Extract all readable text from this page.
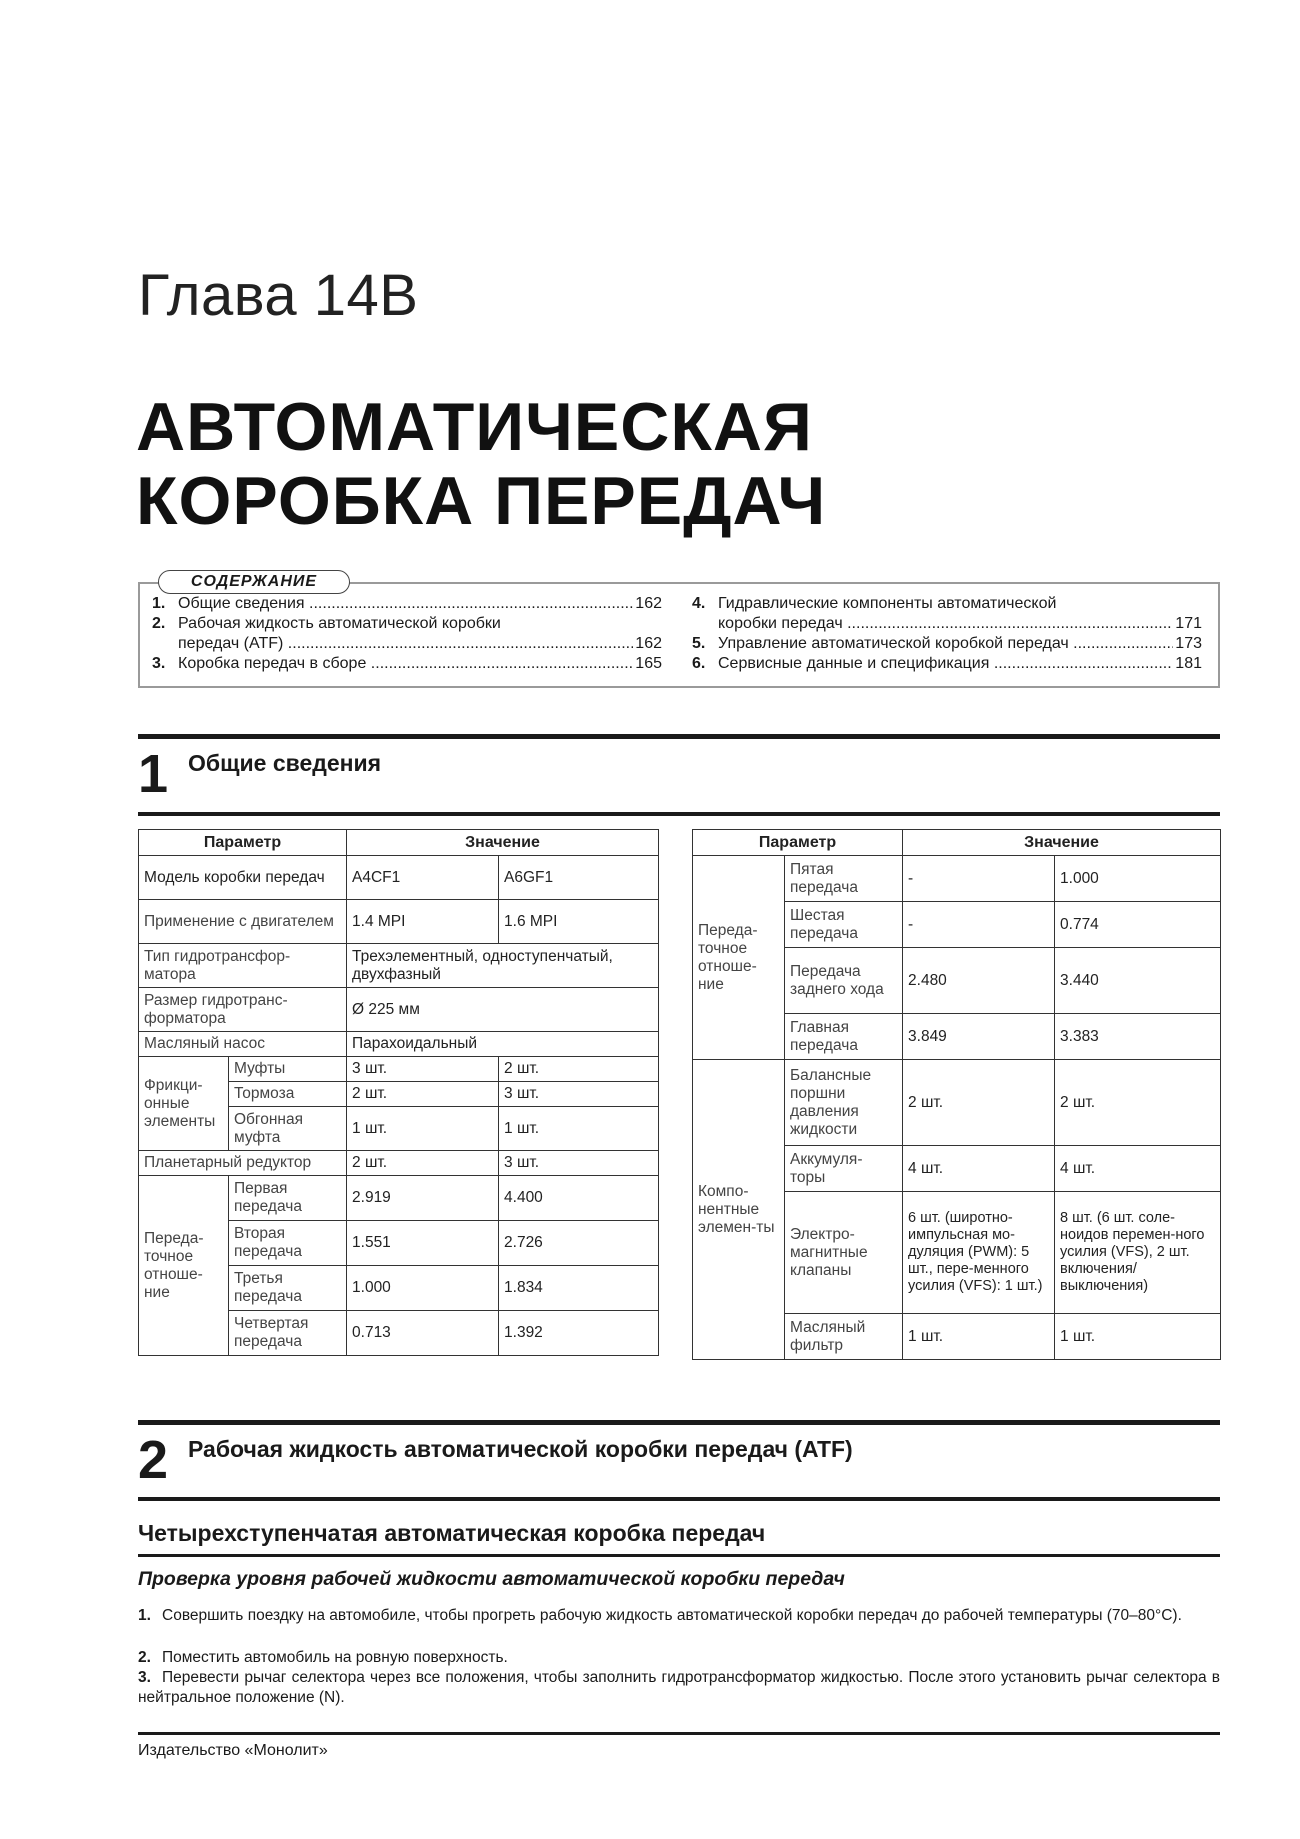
Глава 14В
АВТОМАТИЧЕСКАЯ
КОРОБКА ПЕРЕДАЧ
СОДЕРЖАНИЕ
1. Общие сведения .....	162
2. Рабочая жидкость автоматической коробки
передач (ATF) .....	162
3. Коробка передач в сборе .....	165
4. Гидравлические компоненты автоматической
коробки передач .....	171
5. Управление автоматической коробкой передач .....	173
6. Сервисные данные и спецификация .....	181
1 Общие сведения
Параметр		Значение	
Модель коробки передач		A4CF1	A6GF1
Применение с двигателем		1.4 MPI	1.6 MPI
Тип гидротрансфор-матора		Трехэлементный, одноступенчатый, двухфазный	
Размер гидротранс-форматора		Ø 225 мм	
Масляный насос		Парахоидальный	
Фрикци-онные элементы	Муфты	3 шт.	2 шт.
	Тормоза	2 шт.	3 шт.
	Обгонная муфта	1 шт.	1 шт.
Планетарный редуктор		2 шт.	3 шт.
Переда-точное отноше-ние	Первая передача	2.919	4.400
	Вторая передача	1.551	2.726
	Третья передача	1.000	1.834
	Четвертая передача	0.713	1.392
Параметр		Значение	
Переда-точное отноше-ние	Пятая передача	-	1.000
	Шестая передача	-	0.774
	Передача заднего хода	2.480	3.440
	Главная передача	3.849	3.383
Компо-нентные элемен-ты	Балансные поршни давления жидкости	2 шт.	2 шт.
	Аккумуля-торы	4 шт.	4 шт.
	Электро-магнитные клапаны	6 шт. (широтно-импульсная мо-дуляция (PWM): 5 шт., пере-менного усилия (VFS): 1 шт.)	8 шт. (6 шт. соле-ноидов перемен-ного усилия (VFS), 2 шт. включения/ выключения)
	Масляный фильтр	1 шт.	1 шт.
2 Рабочая жидкость автоматической коробки передач (ATF)
Четырехступенчатая автоматическая коробка передач
Проверка уровня рабочей жидкости автоматической коробки передач
1. Совершить поездку на автомобиле, чтобы прогреть рабочую жидкость автоматической коробки передач до рабочей температуры (70–80°C).
2. Поместить автомобиль на ровную поверхность.
3. Перевести рычаг селектора через все положения, чтобы заполнить гидротрансформатор жидкостью. После этого установить рычаг селектора в нейтральное положение (N).
Издательство «Монолит»
